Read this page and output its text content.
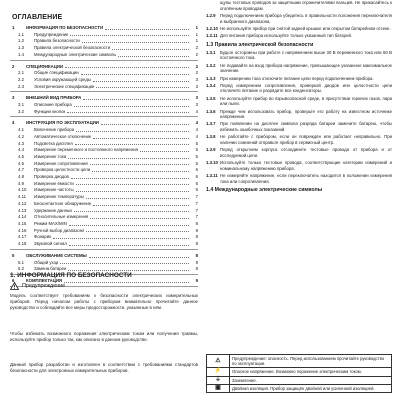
ОГЛАВЛЕНИЕ
1	ИНФОРМАЦИЯ ПО БЕЗОПАСНОСТИ	1
1.1	Предупреждение	1
1.2	Правила безопасности	1
1.3	Правила электрической безопасности	2
1.4	Международные электрические символы	2
2	СПЕЦИФИКАЦИИ	2
2.1	Общие спецификации	2
2.2	Условия окружающей среды	3
2.3	Электрические спецификации	3
3	ВНЕШНИЙ ВИД ПРИБОРА	3
3.1	Описание прибора	3
3.2	Функции кнопок	4
4	ИНСТРУКЦИЯ ПО ЭКСПЛУАТАЦИИ	4
4.1	Включение прибора	4
4.2	Автоматическое отключение	4
4.3	Подсветка дисплея	5
4.4	Измерение переменного и постоянного напряжения	5
4.5	Измерение тока	5
4.6	Измерение сопротивления	5
4.7	Проверка целостности цепи	6
4.8	Проверка диодов	6
4.9	Измерение ёмкости	6
4.10	Измерение частоты	6
4.11	Измерение температуры	7
4.12	Бесконтактное обнаружение	7
4.13	Удержание данных	7
4.14	Относительные измерения	7
4.15	Режим MAX/MIN	8
4.16	Ручной выбор диапазона	8
4.17	Фонарик	8
4.18	Звуковой сигнал	8
5	ОБСЛУЖИВАНИЕ СИСТЕМЫ	8
5.1	Общий уход	8
5.2	Замена батареи	8
6	КОМПЛЕКТАЦИЯ	9
1. ИНФОРМАЦИЯ ПО БЕЗОПАСНОСТИ
Предупреждение
Модель соответствует требованиям к безопасности электрических измерительных приборов. Перед началом работы с прибором внимательно прочитайте данное руководство и соблюдайте все меры предосторожности, указанные в нём.
Чтобы избежать возможного поражения электрическим током или получения травмы, используйте прибор только так, как описано в данном руководстве.
Данный прибор разработан и изготовлен в соответствии с требованиями стандартов безопасности для электронных измерительных приборов.
щупы тестовых проводов за защитными ограничителями пальцев. Не прикасайтесь к оголённым проводам.
1.2.9	Перед подключением прибора убедитесь в правильности положения переключателя и выбранного диапазона.
1.2.10 Не используйте прибор при снятой задней крышке или открытом батарейном отсеке.
1.2.11 Для питания прибора используйте только указанный тип батарей.
1.3 Правила электрической безопасности
1.3.1	Будьте осторожны при работе с напряжением выше 30 В переменного тока или 60 В постоянного тока.
1.3.2	Не подавайте на вход прибора напряжение, превышающее указанное максимальное значение.
1.3.3	При измерении тока отключите питание цепи перед подключением прибора.
1.3.4	Перед измерением сопротивления, проверкой диодов или целостности цепи отключите питание и разрядите все конденсаторы.
1.3.5	Не используйте прибор во взрывоопасной среде, в присутствии горючих газов, пара или пыли.
1.3.6	Прежде чем использовать прибор, проверьте его работу на известном источнике напряжения.
1.3.7	При появлении на дисплее символа разряда батареи замените батарею, чтобы избежать ошибочных показаний.
1.3.8	Не работайте с прибором, если он повреждён или работает неправильно. При наличии сомнений отправьте прибор в сервисный центр.
1.3.9	Перед открытием корпуса отсоедините тестовые провода от прибора и от исследуемой цепи.
1.3.10 Используйте только тестовые провода, соответствующие категории измерений и номинальному напряжению прибора.
1.3.11 Не измеряйте напряжение, если переключатель находится в положении измерения тока или сопротивления.
1.4 Международные электрические символы
⚠	Предупреждение: опасность. Перед использованием прочитайте руководство по эксплуатации.
⚡	Опасное напряжение. Возможно поражение электрическим током.
⏚	Заземление.
▣	Двойная изоляция. Прибор защищён двойной или усиленной изоляцией.
